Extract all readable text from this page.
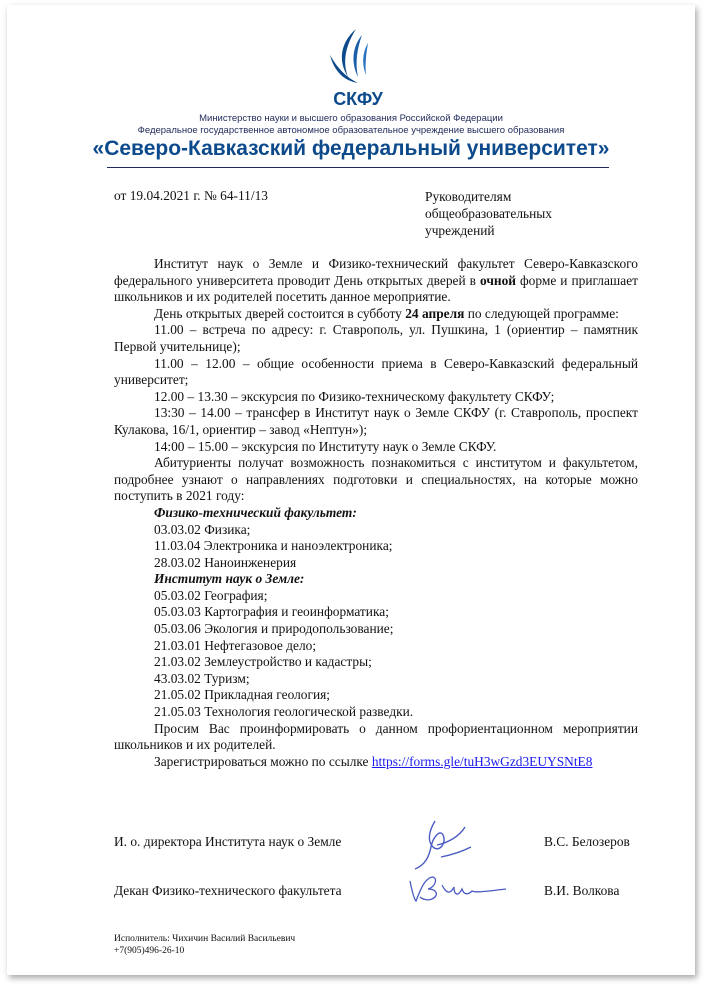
СКФУ
Министерство науки и высшего образования Российской Федерации
Федеральное государственное автономное образовательное учреждение высшего образования
«Северо-Кавказский федеральный университет»
от 19.04.2021 г. № 64-11/13	Руководителям
общеобразовательных
учреждений

Институт наук о Земле и Физико-технический факультет Северо-Кавказского федерального университета проводит День открытых дверей в очной форме и приглашает школьников и их родителей посетить данное мероприятие.

День открытых дверей состоится в субботу 24 апреля по следующей программе:

11.00 – встреча по адресу: г. Ставрополь, ул. Пушкина, 1 (ориентир – памятник Первой учительнице);

11.00 – 12.00 – общие особенности приема в Северо-Кавказский федеральный университет;

12.00 – 13.30 – экскурсия по Физико-техническому факультету СКФУ;

13:30 – 14.00 – трансфер в Институт наук о Земле СКФУ (г. Ставрополь, проспект Кулакова, 16/1, ориентир – завод «Нептун»);

14:00 – 15.00 – экскурсия по Институту наук о Земле СКФУ.

Абитуриенты получат возможность познакомиться с институтом и факультетом, подробнее узнают о направлениях подготовки и специальностях, на которые можно поступить в 2021 году:

Физико-технический факультет:

03.03.02 Физика;

11.03.04 Электроника и наноэлектроника;

28.03.02 Наноинженерия

Институт наук о Земле:

05.03.02 География;

05.03.03 Картография и геоинформатика;

05.03.06 Экология и природопользование;

21.03.01 Нефтегазовое дело;

21.03.02 Землеустройство и кадастры;

43.03.02 Туризм;

21.05.02 Прикладная геология;

21.05.03 Технология геологической разведки.

Просим Вас проинформировать о данном профориентационном мероприятии школьников и их родителей.

Зарегистрироваться можно по ссылке https://forms.gle/tuH3wGzd3EUYSNtE8

И. о. директора Института наук о Земле	В.С. Белозеров
Декан Физико-технического факультета	В.И. Волкова
Исполнитель: Чихичин Василий Васильевич
+7(905)496-26-10
